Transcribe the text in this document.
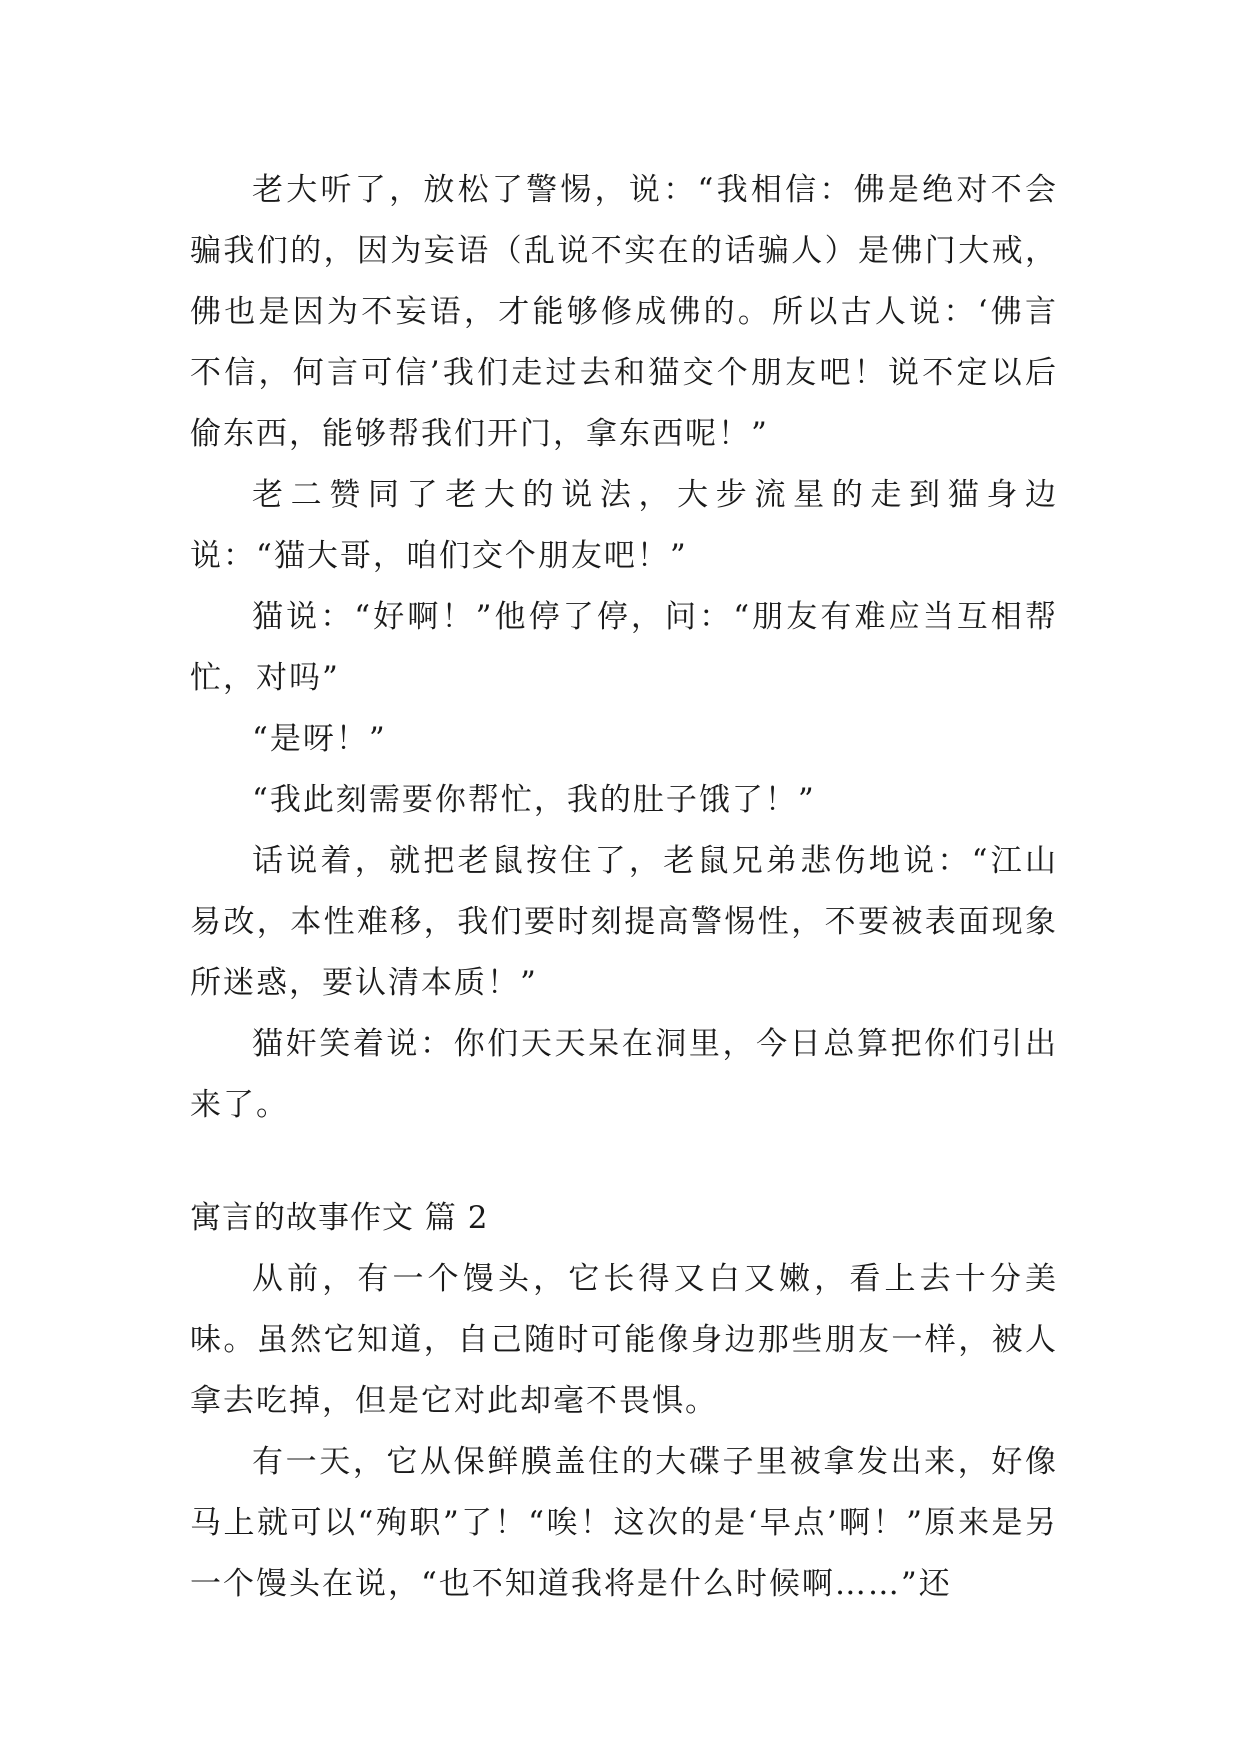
老大听了，放松了警惕，说：“我相信：佛是绝对不会骗我们的，因为妄语（乱说不实在的话骗人）是佛门大戒，佛也是因为不妄语，才能够修成佛的。所以古人说：‘佛言不信，何言可信’我们走过去和猫交个朋友吧！说不定以后偷东西，能够帮我们开门，拿东西呢！”

老二赞同了老大的说法，大步流星的走到猫身边说：“猫大哥，咱们交个朋友吧！”

猫说：“好啊！”他停了停，问：“朋友有难应当互相帮忙，对吗”

“是呀！”

“我此刻需要你帮忙，我的肚子饿了！”

话说着，就把老鼠按住了，老鼠兄弟悲伤地说：“江山易改，本性难移，我们要时刻提高警惕性，不要被表面现象所迷惑，要认清本质！”

猫奸笑着说：你们天天呆在洞里，今日总算把你们引出来了。

寓言的故事作文 篇 2

从前，有一个馒头，它长得又白又嫩，看上去十分美味。虽然它知道，自己随时可能像身边那些朋友一样，被人拿去吃掉，但是它对此却毫不畏惧。

有一天，它从保鲜膜盖住的大碟子里被拿发出来，好像马上就可以“殉职”了！“唉！这次的是‘早点’啊！”原来是另一个馒头在说，“也不知道我将是什么时候啊……”还
